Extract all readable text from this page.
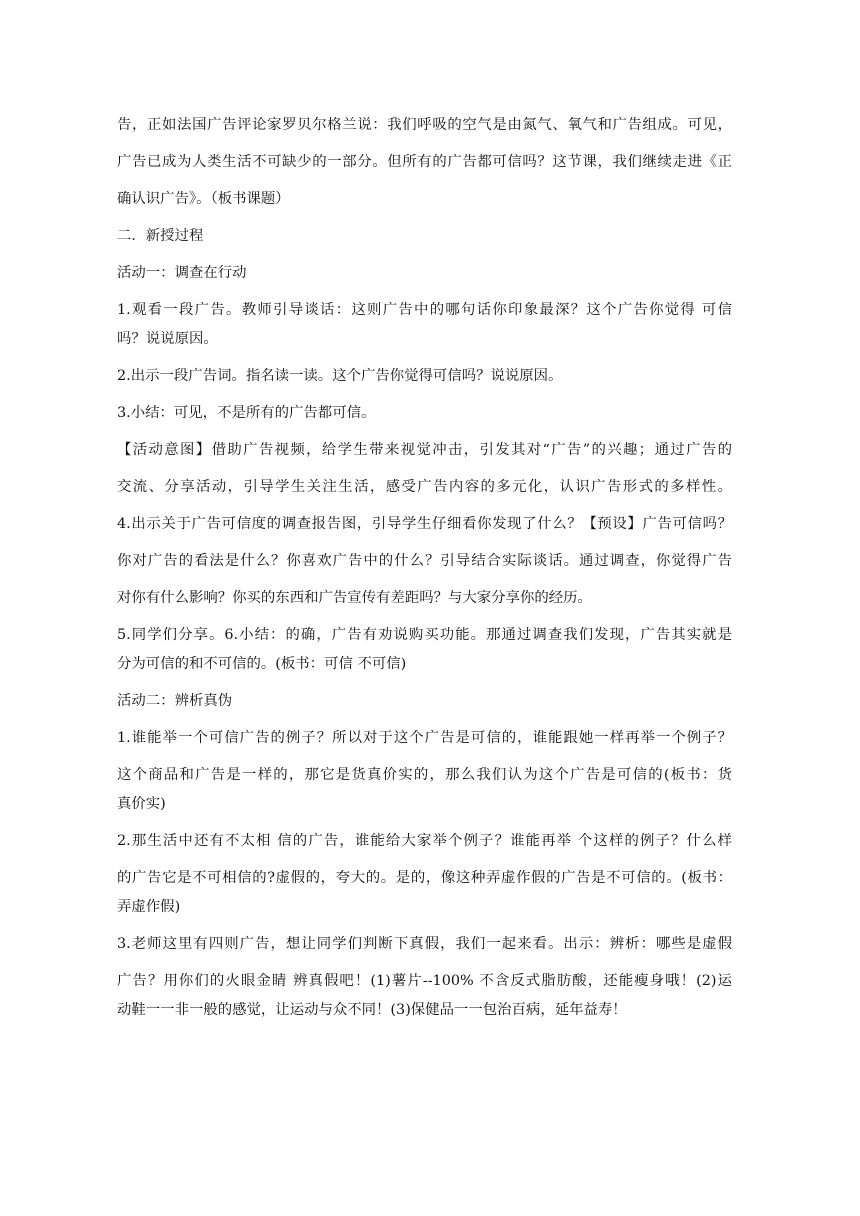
告，正如法国广告评论家罗贝尔格兰说：我们呼吸的空气是由氮气、氧气和广告组成。可见，

广告已成为人类生活不可缺少的一部分。但所有的广告都可信吗？这节课，我们继续走进《正

确认识广告》。（板书课题）

二．新授过程

活动一：调查在行动

1.观看一段广告。教师引导谈话：这则广告中的哪句话你印象最深？这个广告你觉得 可信

吗？说说原因。

2.出示一段广告词。指名读一读。这个广告你觉得可信吗？说说原因。

3.小结：可见，不是所有的广告都可信。

【活动意图】借助广告视频，给学生带来视觉冲击，引发其对“广告”的兴趣；通过广告的

交流、分享活动，引导学生关注生活，感受广告内容的多元化，认识广告形式的多样性。

4.出示关于广告可信度的调查报告图，引导学生仔细看你发现了什么？【预设】广告可信吗？

你对广告的看法是什么？你喜欢广告中的什么？引导结合实际谈话。通过调查，你觉得广告

对你有什么影响？你买的东西和广告宣传有差距吗？与大家分享你的经历。

5.同学们分享。6.小结：的确，广告有劝说购买功能。那通过调查我们发现，广告其实就是

分为可信的和不可信的。(板书：可信 不可信)

活动二：辨析真伪

1.谁能举一个可信广告的例子？所以对于这个广告是可信的，谁能跟她一样再举一个例子？

这个商品和广告是一样的，那它是货真价实的，那么我们认为这个广告是可信的(板书：货

真价实)

2.那生活中还有不太相 信的广告，谁能给大家举个例子？谁能再举 个这样的例子？什么样

的广告它是不可相信的?虚假的，夸大的。是的，像这种弄虚作假的广告是不可信的。(板书：

弄虚作假)

3.老师这里有四则广告，想让同学们判断下真假，我们一起来看。出示：辨析：哪些是虚假

广告？用你们的火眼金睛 辨真假吧！(1)薯片--100% 不含反式脂肪酸，还能瘦身哦！(2)运

动鞋一一非一般的感觉，让运动与众不同！(3)保健品一一包治百病，延年益寿！
